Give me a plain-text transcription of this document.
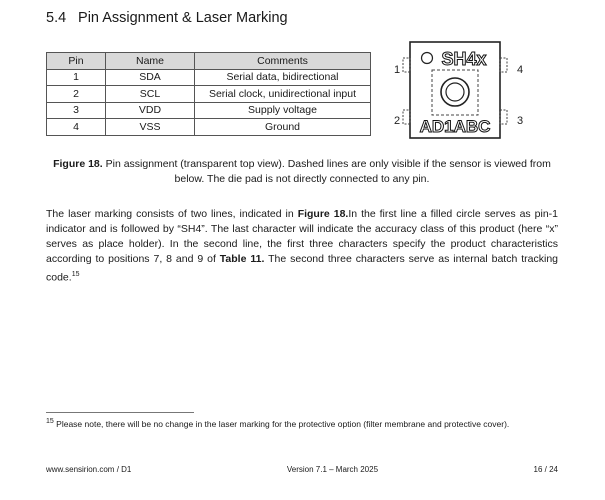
5.4 Pin Assignment & Laser Marking
Pin	Name	Comments
1	SDA	Serial data, bidirectional
2	SCL	Serial clock, unidirectional input
3	VDD	Supply voltage
4	VSS	Ground
SH4x
AD1ABC
1
2	3
4
Figure 18. Pin assignment (transparent top view). Dashed lines are only visible if the sensor is viewed from below. The die pad is not directly connected to any pin.
The laser marking consists of two lines, indicated in Figure 18.In the first line a filled circle serves as pin-1 indicator and is followed by “SH4”. The last character will indicate the accuracy class of this product (here “x” serves as place holder). In the second line, the first three characters specify the product characteristics according to positions 7, 8 and 9 of Table 11. The second three characters serve as internal batch tracking code.$^{15}$
$^{15}$ Please note, there will be no change in the laser marking for the protective option (filter membrane and protective cover).
www.sensirion.com / D1	Version 7.1 – March 2025	16 / 24
